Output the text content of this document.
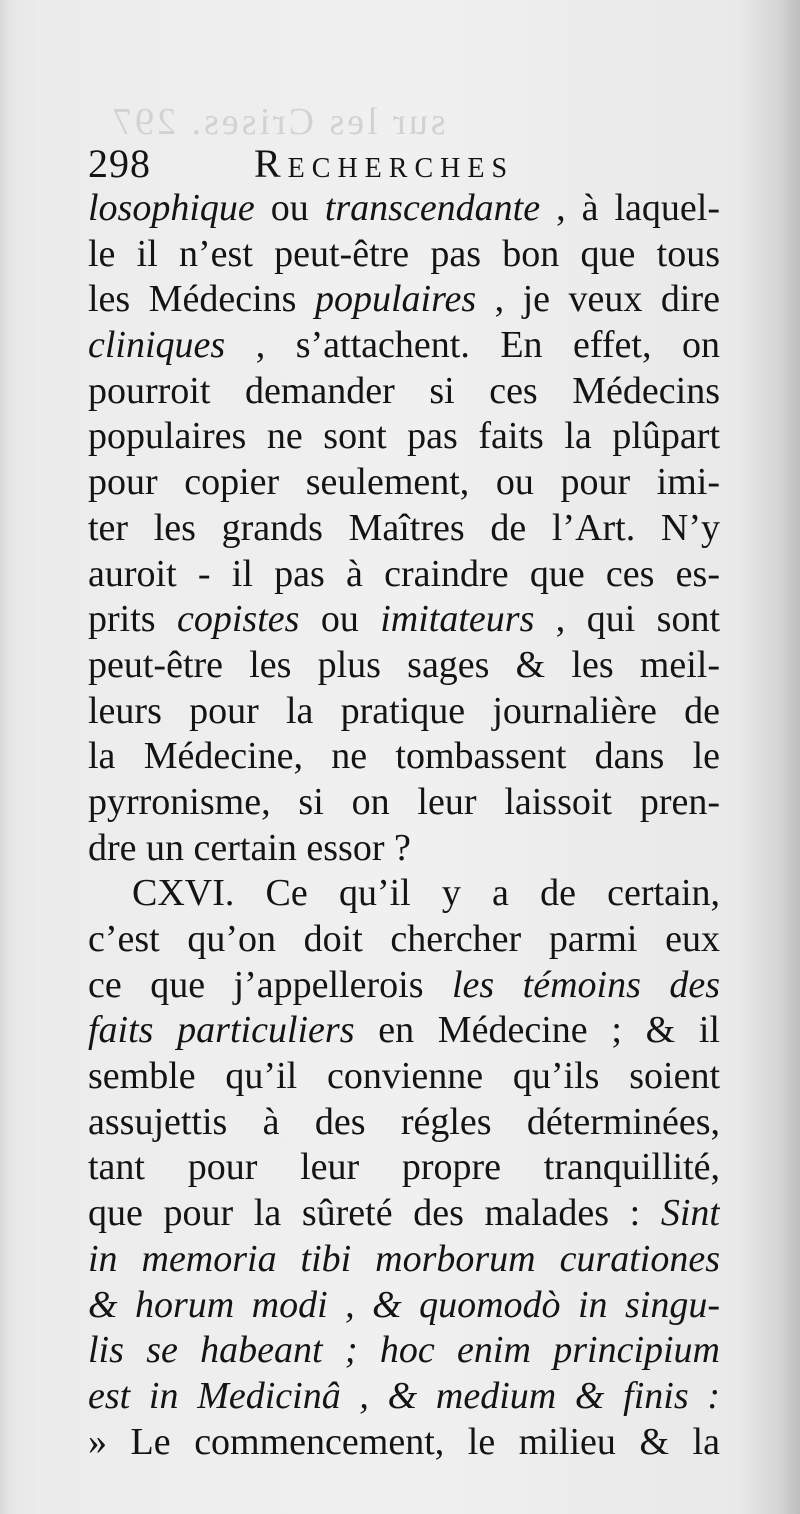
sur les Crises. 297
298	Recherches
losophique ou transcendante , à laquel-
le il n’est peut-être pas bon que tous
les Médecins populaires , je veux dire
cliniques , s’attachent. En effet, on
pourroit demander si ces Médecins
populaires ne sont pas faits la plûpart
pour copier seulement, ou pour imi-
ter les grands Maîtres de l’Art. N’y
auroit - il pas à craindre que ces es-
prits copistes ou imitateurs , qui sont
peut-être les plus sages & les meil-
leurs pour la pratique journalière de
la Médecine, ne tombassent dans le
pyrronisme, si on leur laissoit pren-
dre un certain essor ?
CXVI. Ce qu’il y a de certain,
c’est qu’on doit chercher parmi eux
ce que j’appellerois les témoins des
faits particuliers en Médecine ; & il
semble qu’il convienne qu’ils soient
assujettis à des régles déterminées,
tant pour leur propre tranquillité,
que pour la sûreté des malades : Sint
in memoria tibi morborum curationes
& horum modi , & quomodò in singu-
lis se habeant ; hoc enim principium
est in Medicinâ , & medium & finis :
» Le commencement, le milieu & la
